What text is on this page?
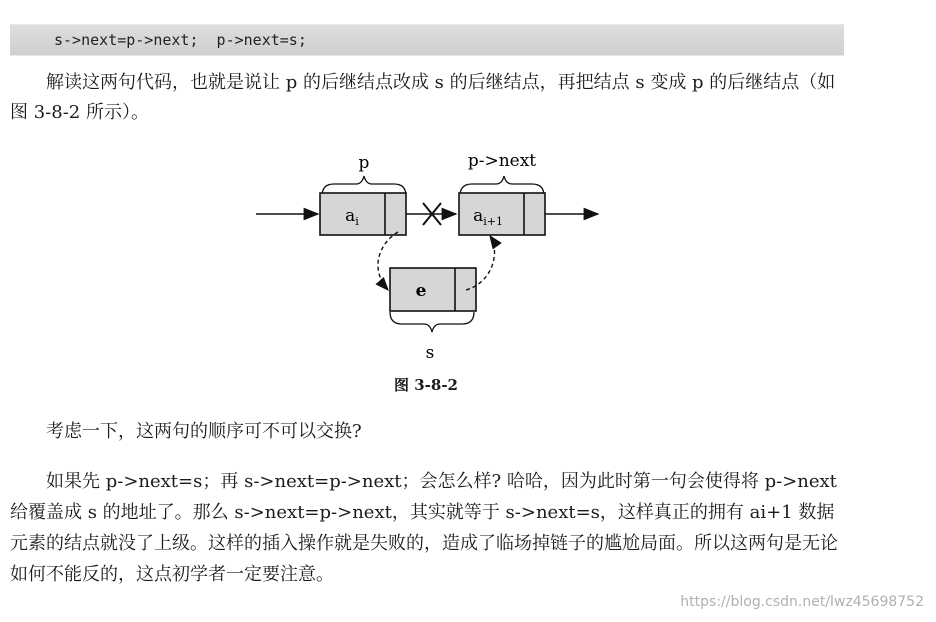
s->next=p->next;  p->next=s;

解读这两句代码，也就是说让 p 的后继结点改成 s 的后继结点，再把结点 s 变成 p 的后继结点（如图 3-8-2 所示）。

p	p->next
s
$a_i$	$a_{i+1}$
e
图 3-8-2

考虑一下，这两句的顺序可不可以交换?

如果先 p->next=s；再 s->next=p->next；会怎么样? 哈哈，因为此时第一句会使得将 p->next 给覆盖成 s 的地址了。那么 s->next=p->next，其实就等于 s->next=s，这样真正的拥有 ai+1 数据元素的结点就没了上级。这样的插入操作就是失败的，造成了临场掉链子的尴尬局面。所以这两句是无论如何不能反的，这点初学者一定要注意。

https://blog.csdn.net/lwz45698752
